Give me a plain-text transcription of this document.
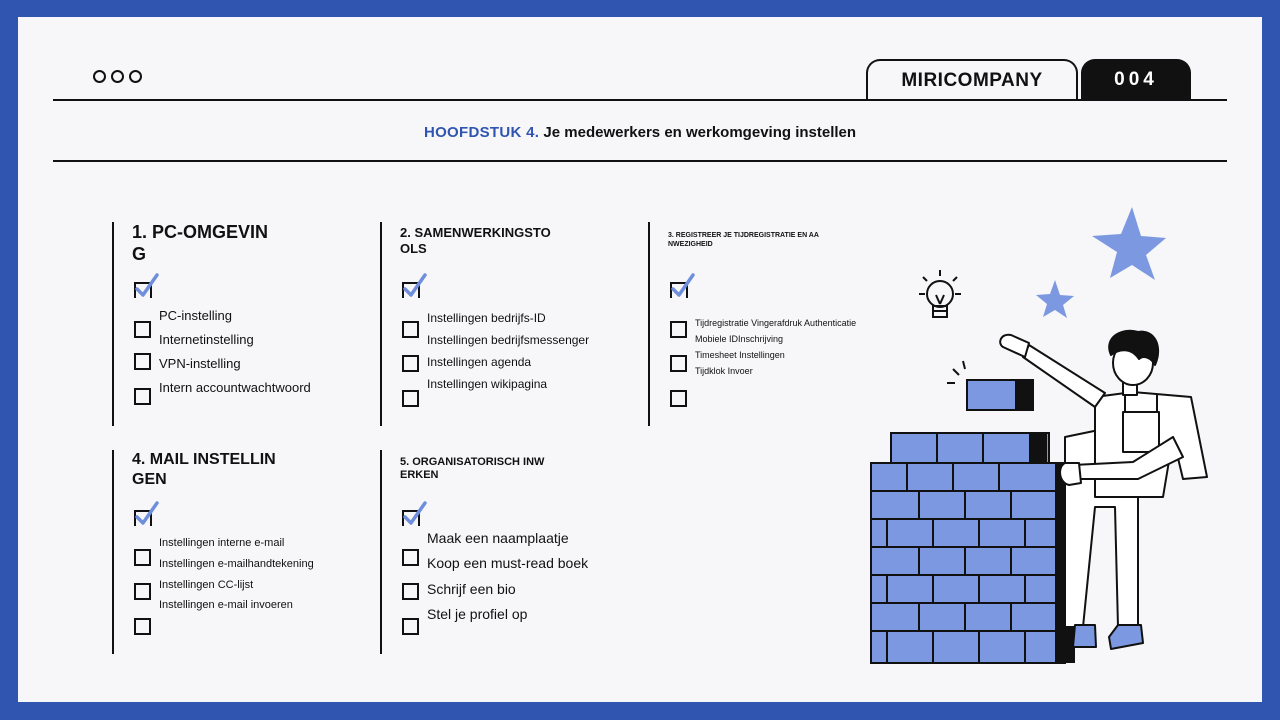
MIRICOMPANY	004
HOOFDSTUK 4. Je medewerkers en werkomgeving instellen
1. PC-OMGEVING
PC-instelling
Internetinstelling
VPN-instelling
Intern accountwachtwoord
2. SAMENWERKINGSTOOLS
Instellingen bedrijfs-ID
Instellingen bedrijfsmessenger
Instellingen agenda
Instellingen wikipagina
3. REGISTREER JE TIJDREGISTRATIE EN AANWEZIGHEID
Tijdregistratie Vingerafdruk Authenticatie
Mobiele IDInschrijving
Timesheet Instellingen
Tijdklok Invoer
4. MAIL INSTELLINGEN
Instellingen interne e-mail
Instellingen e-mailhandtekening
Instellingen CC-lijst
Instellingen e-mail invoeren
5. ORGANISATORISCH INWERKEN
Maak een naamplaatje
Koop een must-read boek
Schrijf een bio
Stel je profiel op
